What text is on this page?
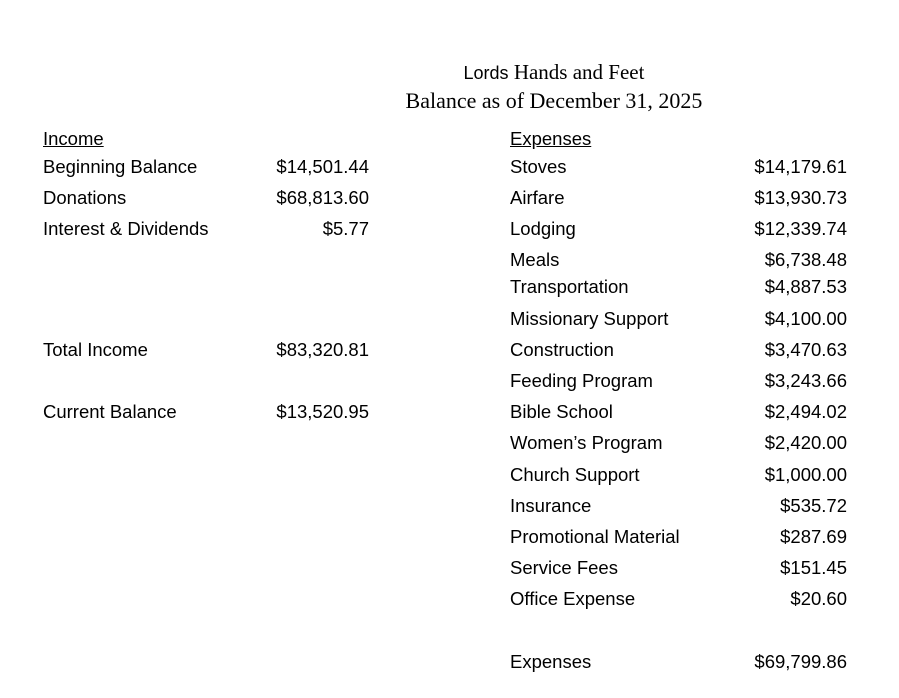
Lords Hands and Feet
Balance as of December 31, 2025
Income
Beginning Balance	$14,501.44
Donations	$68,813.60
Interest & Dividends	$5.77
Total Income	$83,320.81
Current Balance	$13,520.95
Expenses
Stoves	$14,179.61
Airfare	$13,930.73
Lodging	$12,339.74
Meals	$6,738.48
Transportation	$4,887.53
Missionary Support	$4,100.00
Construction	$3,470.63
Feeding Program	$3,243.66
Bible School	$2,494.02
Women’s Program	$2,420.00
Church Support	$1,000.00
Insurance	$535.72
Promotional Material	$287.69
Service Fees	$151.45
Office Expense	$20.60
Expenses	$69,799.86
